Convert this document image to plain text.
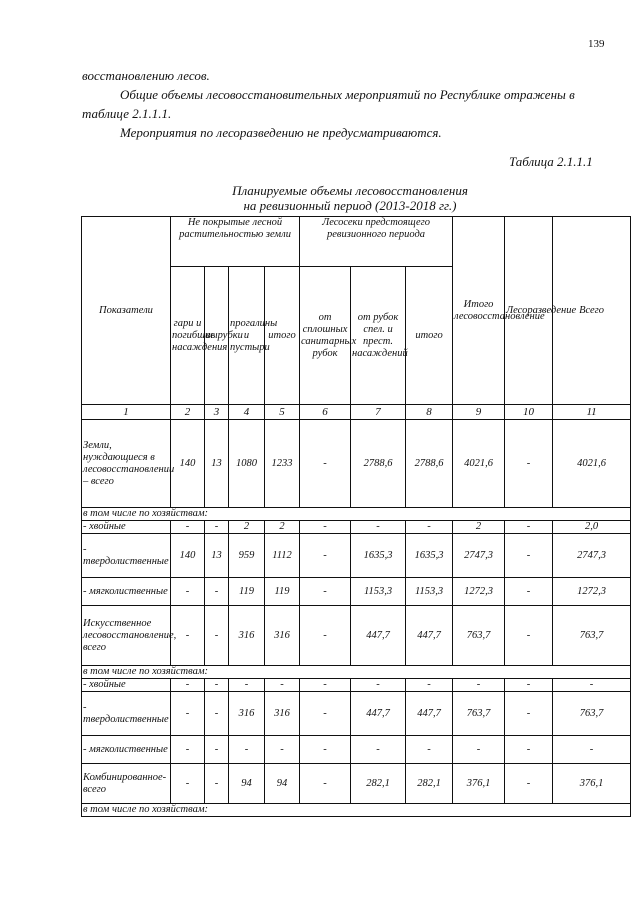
139

восстановлению лесов.

Общие объемы лесовосстановительных мероприятий по Республике отражены в таблице 2.1.1.1.

Мероприятия по лесоразведению не предусматриваются.

Таблица 2.1.1.1
Планируемые объемы лесовосстановления
на ревизионный период (2013-2018 гг.)
Показатели	Не покрытые лесной растительностью земли				Лесосеки предстоящего ревизионного периода			Итого лесовосстановление	Лесоразведение	Всего
	гари и погибшие насаждения	вырубки	прогалины и пустыри	итого	от сплошных санитарных рубок	от рубок спел. и прест. насаждений	итого			
1	2	3	4	5	6	7	8	9	10	11
Земли, нуждающиеся в лесовосстановлении – всего	140	13	1080	1233	-	2788,6	2788,6	4021,6	-	4021,6
в том числе по хозяйствам:										
- хвойные	-	-	2	2	-	-	-	2	-	2,0
- твердолиственные	140	13	959	1112	-	1635,3	1635,3	2747,3	-	2747,3
- мягколиственные	-	-	119	119	-	1153,3	1153,3	1272,3	-	1272,3
Искусственное лесовосстановление, всего	-	-	316	316	-	447,7	447,7	763,7	-	763,7
в том числе по хозяйствам:										
- хвойные	-	-	-	-	-	-	-	-	-	-
- твердолиственные	-	-	316	316	-	447,7	447,7	763,7	-	763,7
- мягколиственные	-	-	-	-	-	-	-	-	-	-
Комбинированное-всего	-	-	94	94	-	282,1	282,1	376,1	-	376,1
в том числе по хозяйствам:										
